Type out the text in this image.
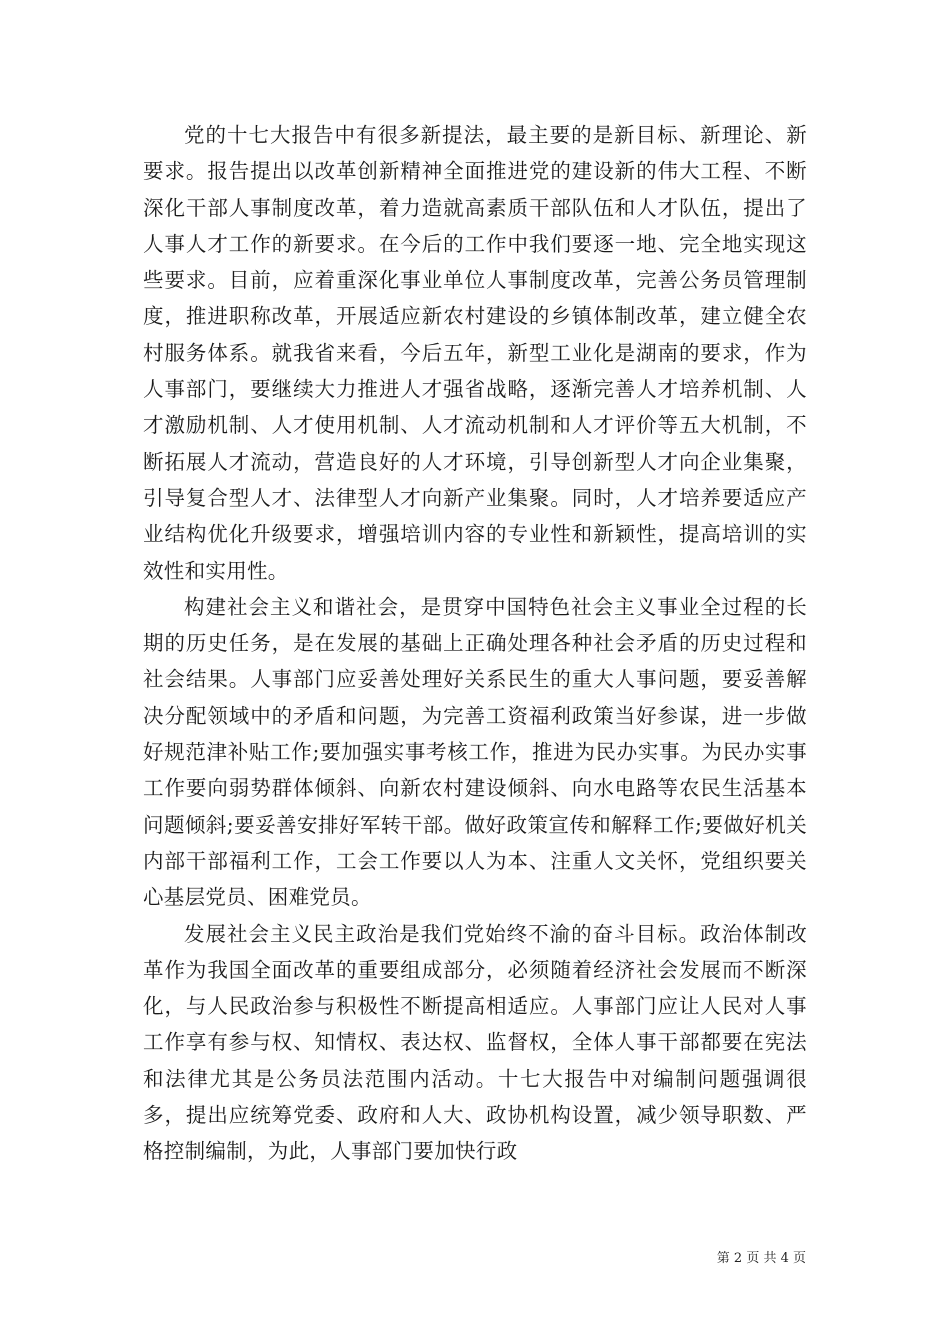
党的十七大报告中有很多新提法，最主要的是新目标、新理论、新要求。报告提出以改革创新精神全面推进党的建设新的伟大工程、不断深化干部人事制度改革，着力造就高素质干部队伍和人才队伍，提出了人事人才工作的新要求。在今后的工作中我们要逐一地、完全地实现这些要求。目前，应着重深化事业单位人事制度改革，完善公务员管理制度，推进职称改革，开展适应新农村建设的乡镇体制改革，建立健全农村服务体系。就我省来看，今后五年，新型工业化是湖南的要求，作为人事部门，要继续大力推进人才强省战略，逐渐完善人才培养机制、人才激励机制、人才使用机制、人才流动机制和人才评价等五大机制，不断拓展人才流动，营造良好的人才环境，引导创新型人才向企业集聚，引导复合型人才、法律型人才向新产业集聚。同时，人才培养要适应产业结构优化升级要求，增强培训内容的专业性和新颖性，提高培训的实效性和实用性。

构建社会主义和谐社会，是贯穿中国特色社会主义事业全过程的长期的历史任务，是在发展的基础上正确处理各种社会矛盾的历史过程和社会结果。人事部门应妥善处理好关系民生的重大人事问题，要妥善解决分配领域中的矛盾和问题，为完善工资福利政策当好参谋，进一步做好规范津补贴工作;要加强实事考核工作，推进为民办实事。为民办实事工作要向弱势群体倾斜、向新农村建设倾斜、向水电路等农民生活基本问题倾斜;要妥善安排好军转干部。做好政策宣传和解释工作;要做好机关内部干部福利工作，工会工作要以人为本、注重人文关怀，党组织要关心基层党员、困难党员。

发展社会主义民主政治是我们党始终不渝的奋斗目标。政治体制改革作为我国全面改革的重要组成部分，必须随着经济社会发展而不断深化，与人民政治参与积极性不断提高相适应。人事部门应让人民对人事工作享有参与权、知情权、表达权、监督权，全体人事干部都要在宪法和法律尤其是公务员法范围内活动。十七大报告中对编制问题强调很多，提出应统筹党委、政府和人大、政协机构设置，减少领导职数、严格控制编制，为此，人事部门要加快行政

第 2 页 共 4 页
